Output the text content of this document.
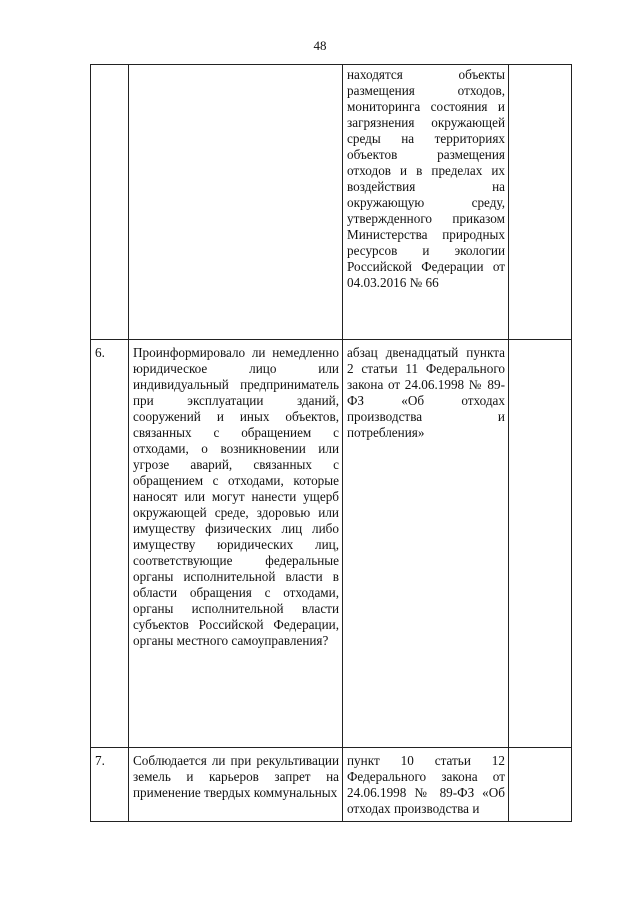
48
		находятся объекты размещения отходов, мониторинга состояния и загрязнения окружающей среды на территориях объектов размещения отходов и в пределах их воздействия на окружающую среду, утвержденного приказом Министерства природных ресурсов и экологии Российской Федерации от 04.03.2016 № 66	
6.	Проинформировало ли немедленно юридическое лицо или индивидуальный предприниматель при эксплуатации зданий, сооружений и иных объектов, связанных с обращением с отходами, о возникновении или угрозе аварий, связанных с обращением с отходами, которые наносят или могут нанести ущерб окружающей среде, здоровью или имуществу физических лиц либо имуществу юридических лиц, соответствующие федеральные органы исполнительной власти в области обращения с отходами, органы исполнительной власти субъектов Российской Федерации, органы местного самоуправления?	абзац двенадцатый пункта 2 статьи 11 Федерального закона от 24.06.1998 № 89-ФЗ «Об отходах производства и потребления»	
7.	Соблюдается ли при рекультивации земель и карьеров запрет на применение твердых коммунальных	пункт 10 статьи 12 Федерального закона от 24.06.1998 № 89-ФЗ «Об отходах производства и	
